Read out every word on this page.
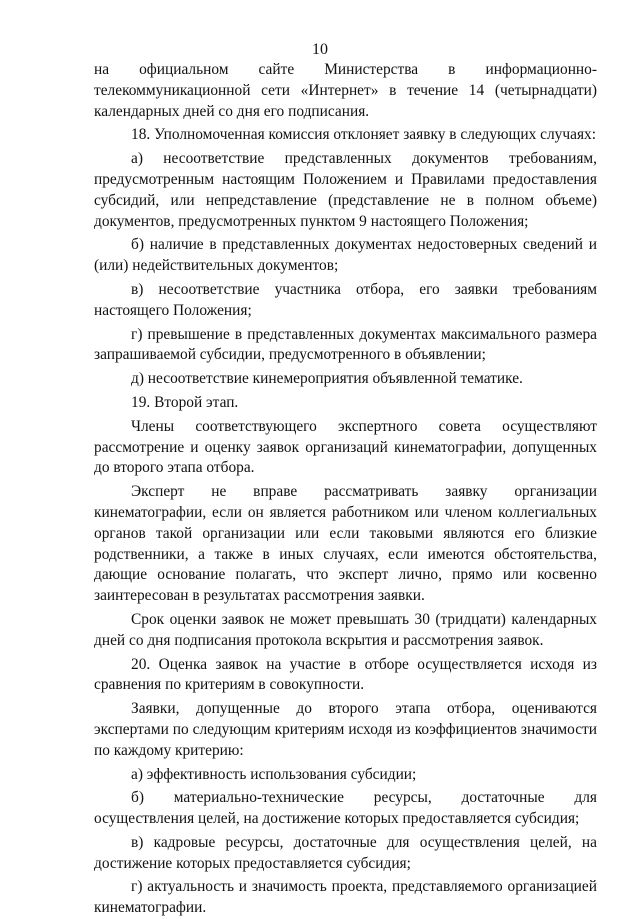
10

на официальном сайте Министерства в информационно-телекоммуникационной сети «Интернет» в течение 14 (четырнадцати) календарных дней со дня его подписания.

18. Уполномоченная комиссия отклоняет заявку в следующих случаях:

а) несоответствие представленных документов требованиям, предусмотренным настоящим Положением и Правилами предоставления субсидий, или непредставление (представление не в полном объеме) документов, предусмотренных пунктом 9 настоящего Положения;

б) наличие в представленных документах недостоверных сведений и (или) недействительных документов;

в) несоответствие участника отбора, его заявки требованиям настоящего Положения;

г) превышение в представленных документах максимального размера запрашиваемой субсидии, предусмотренного в объявлении;

д) несоответствие кинемероприятия объявленной тематике.

19. Второй этап.

Члены соответствующего экспертного совета осуществляют рассмотрение и оценку заявок организаций кинематографии, допущенных до второго этапа отбора.

Эксперт не вправе рассматривать заявку организации кинематографии, если он является работником или членом коллегиальных органов такой организации или если таковыми являются его близкие родственники, а также в иных случаях, если имеются обстоятельства, дающие основание полагать, что эксперт лично, прямо или косвенно заинтересован в результатах рассмотрения заявки.

Срок оценки заявок не может превышать 30 (тридцати) календарных дней со дня подписания протокола вскрытия и рассмотрения заявок.

20. Оценка заявок на участие в отборе осуществляется исходя из сравнения по критериям в совокупности.

Заявки, допущенные до второго этапа отбора, оцениваются экспертами по следующим критериям исходя из коэффициентов значимости по каждому критерию:

а) эффективность использования субсидии;

б) материально-технические ресурсы, достаточные для осуществления целей, на достижение которых предоставляется субсидия;

в) кадровые ресурсы, достаточные для осуществления целей, на достижение которых предоставляется субсидия;

г) актуальность и значимость проекта, представляемого организацией кинематографии.
